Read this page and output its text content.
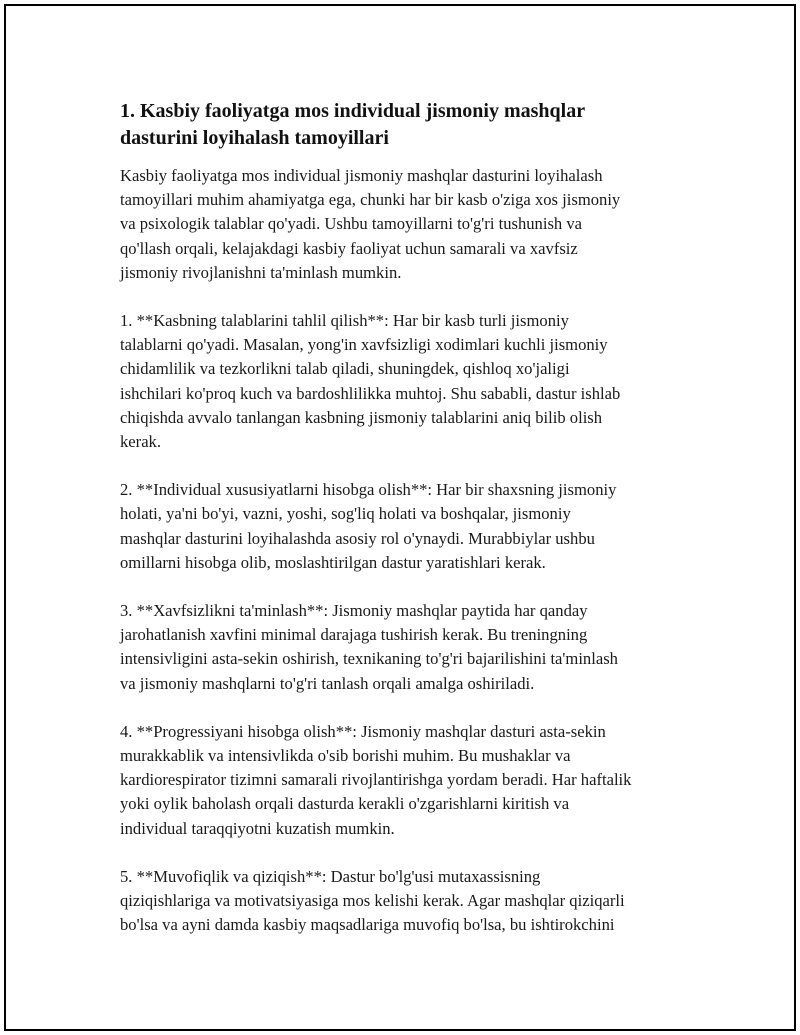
1. Kasbiy faoliyatga mos individual jismoniy mashqlar
dasturini loyihalash tamoyillari

Kasbiy faoliyatga mos individual jismoniy mashqlar dasturini loyihalash
tamoyillari muhim ahamiyatga ega, chunki har bir kasb o'ziga xos jismoniy
va psixologik talablar qo'yadi. Ushbu tamoyillarni to'g'ri tushunish va
qo'llash orqali, kelajakdagi kasbiy faoliyat uchun samarali va xavfsiz
jismoniy rivojlanishni ta'minlash mumkin.

1. **Kasbning talablarini tahlil qilish**: Har bir kasb turli jismoniy
talablarni qo'yadi. Masalan, yong'in xavfsizligi xodimlari kuchli jismoniy
chidamlilik va tezkorlikni talab qiladi, shuningdek, qishloq xo'jaligi
ishchilari ko'proq kuch va bardoshlilikka muhtoj. Shu sababli, dastur ishlab
chiqishda avvalo tanlangan kasbning jismoniy talablarini aniq bilib olish
kerak.

2. **Individual xususiyatlarni hisobga olish**: Har bir shaxsning jismoniy
holati, ya'ni bo'yi, vazni, yoshi, sog'liq holati va boshqalar, jismoniy
mashqlar dasturini loyihalashda asosiy rol o'ynaydi. Murabbiylar ushbu
omillarni hisobga olib, moslashtirilgan dastur yaratishlari kerak.

3. **Xavfsizlikni ta'minlash**: Jismoniy mashqlar paytida har qanday
jarohatlanish xavfini minimal darajaga tushirish kerak. Bu treningning
intensivligini asta-sekin oshirish, texnikaning to'g'ri bajarilishini ta'minlash
va jismoniy mashqlarni to'g'ri tanlash orqali amalga oshiriladi.

4. **Progressiyani hisobga olish**: Jismoniy mashqlar dasturi asta-sekin
murakkablik va intensivlikda o'sib borishi muhim. Bu mushaklar va
kardiorespirator tizimni samarali rivojlantirishga yordam beradi. Har haftalik
yoki oylik baholash orqali dasturda kerakli o'zgarishlarni kiritish va
individual taraqqiyotni kuzatish mumkin.

5. **Muvofiqlik va qiziqish**: Dastur bo'lg'usi mutaxassisning
qiziqishlariga va motivatsiyasiga mos kelishi kerak. Agar mashqlar qiziqarli
bo'lsa va ayni damda kasbiy maqsadlariga muvofiq bo'lsa, bu ishtirokchini
